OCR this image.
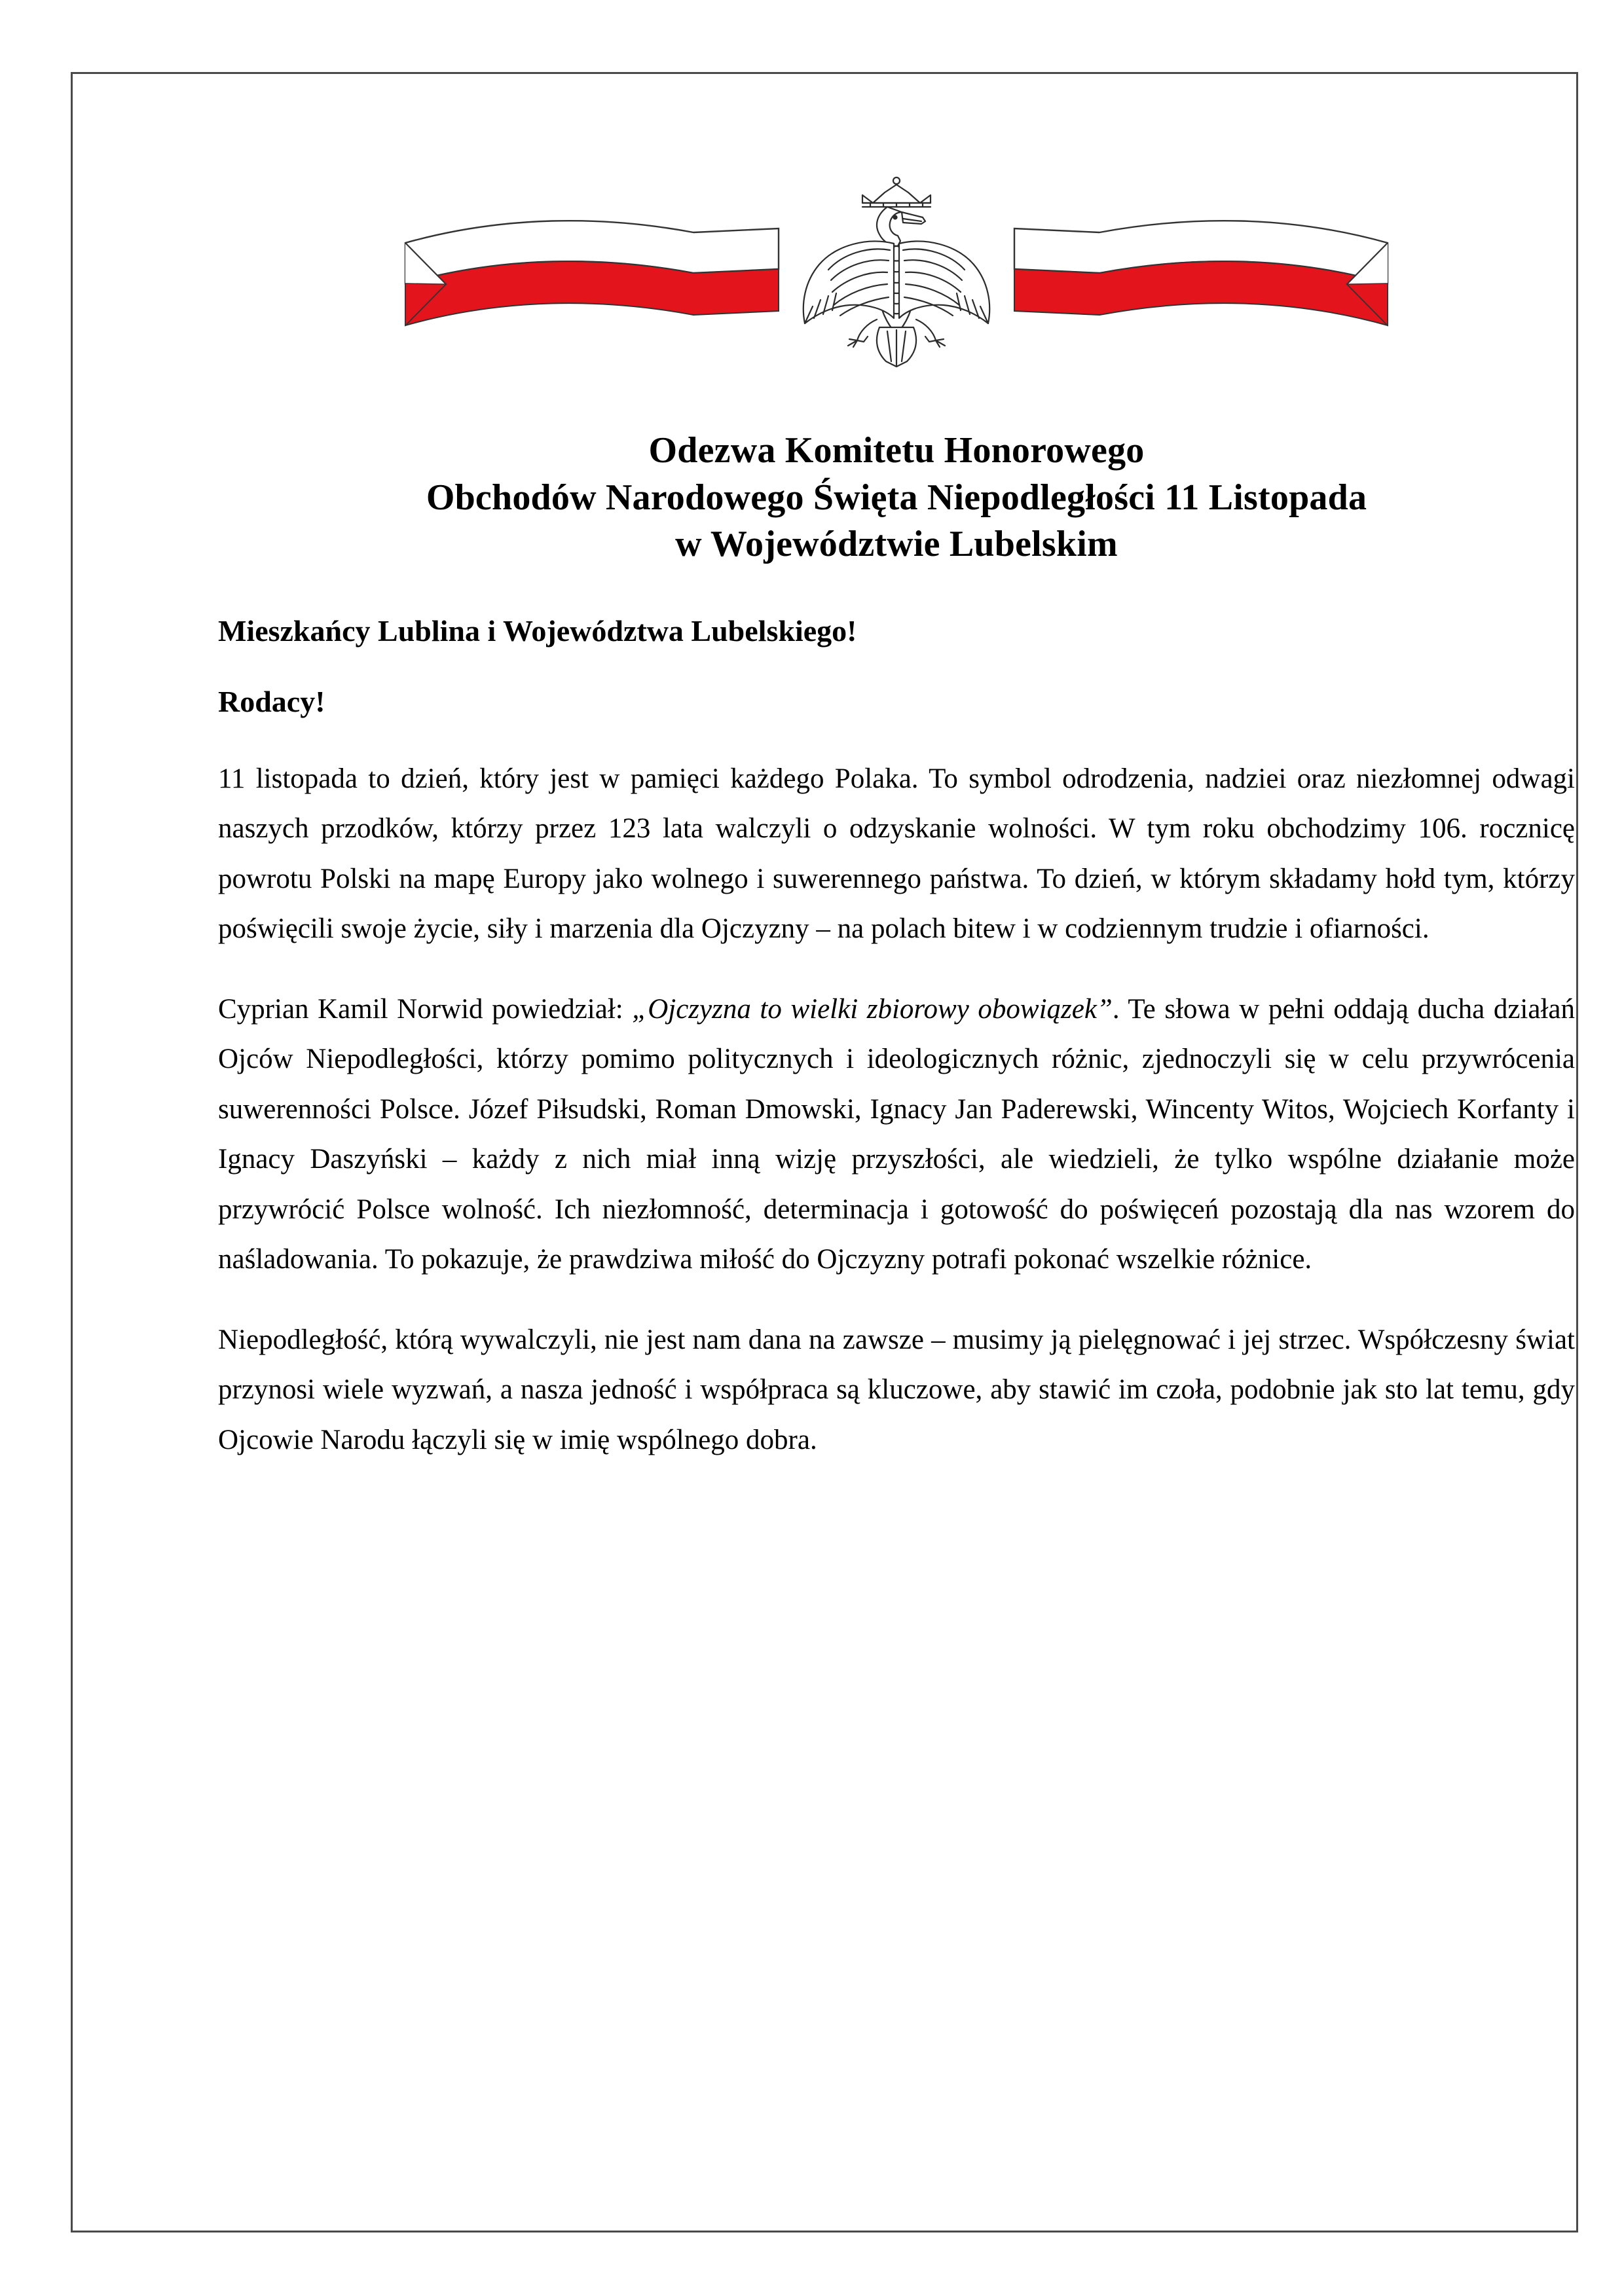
Odezwa Komitetu Honorowego
Obchodów Narodowego Święta Niepodległości 11 Listopada
w Województwie Lubelskim
Mieszkańcy Lublina i Województwa Lubelskiego!
Rodacy!

11 listopada to dzień, który jest w pamięci każdego Polaka. To symbol odrodzenia, nadziei oraz niezłomnej odwagi naszych przodków, którzy przez 123 lata walczyli o odzyskanie wolności. W tym roku obchodzimy 106. rocznicę powrotu Polski na mapę Europy jako wolnego i suwerennego państwa. To dzień, w którym składamy hołd tym, którzy poświęcili swoje życie, siły i marzenia dla Ojczyzny – na polach bitew i w codziennym trudzie i ofiarności.

Cyprian Kamil Norwid powiedział: „Ojczyzna to wielki zbiorowy obowiązek”. Te słowa w pełni oddają ducha działań Ojców Niepodległości, którzy pomimo politycznych i ideologicznych różnic, zjednoczyli się w celu przywrócenia suwerenności Polsce. Józef Piłsudski, Roman Dmowski, Ignacy Jan Paderewski, Wincenty Witos, Wojciech Korfanty i Ignacy Daszyński – każdy z nich miał inną wizję przyszłości, ale wiedzieli, że tylko wspólne działanie może przywrócić Polsce wolność. Ich niezłomność, determinacja i gotowość do poświęceń pozostają dla nas wzorem do naśladowania. To pokazuje, że prawdziwa miłość do Ojczyzny potrafi pokonać wszelkie różnice.

Niepodległość, którą wywalczyli, nie jest nam dana na zawsze – musimy ją pielęgnować i jej strzec. Współczesny świat przynosi wiele wyzwań, a nasza jedność i współpraca są kluczowe, aby stawić im czoła, podobnie jak sto lat temu, gdy Ojcowie Narodu łączyli się w imię wspólnego dobra.
